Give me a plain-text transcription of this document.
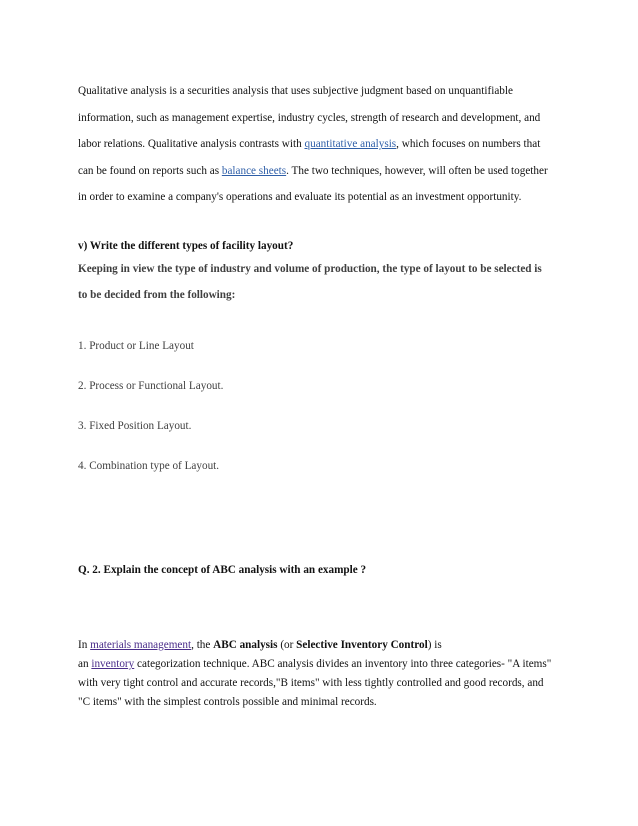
Qualitative analysis is a securities analysis that uses subjective judgment based on unquantifiable
information, such as management expertise, industry cycles, strength of research and development, and
labor relations. Qualitative analysis contrasts with quantitative analysis, which focuses on numbers that
can be found on reports such as balance sheets. The two techniques, however, will often be used together
in order to examine a company's operations and evaluate its potential as an investment opportunity.

v) Write the different types of facility layout?

Keeping in view the type of industry and volume of production, the type of layout to be selected is

to be decided from the following:

1. Product or Line Layout

2. Process or Functional Layout.

3. Fixed Position Layout.

4. Combination type of Layout.

Q. 2. Explain the concept of ABC analysis with an example ?

In materials management, the ABC analysis (or Selective Inventory Control) is
an inventory categorization technique. ABC analysis divides an inventory into three categories- "A items"
with very tight control and accurate records,"B items" with less tightly controlled and good records, and
"C items" with the simplest controls possible and minimal records.
